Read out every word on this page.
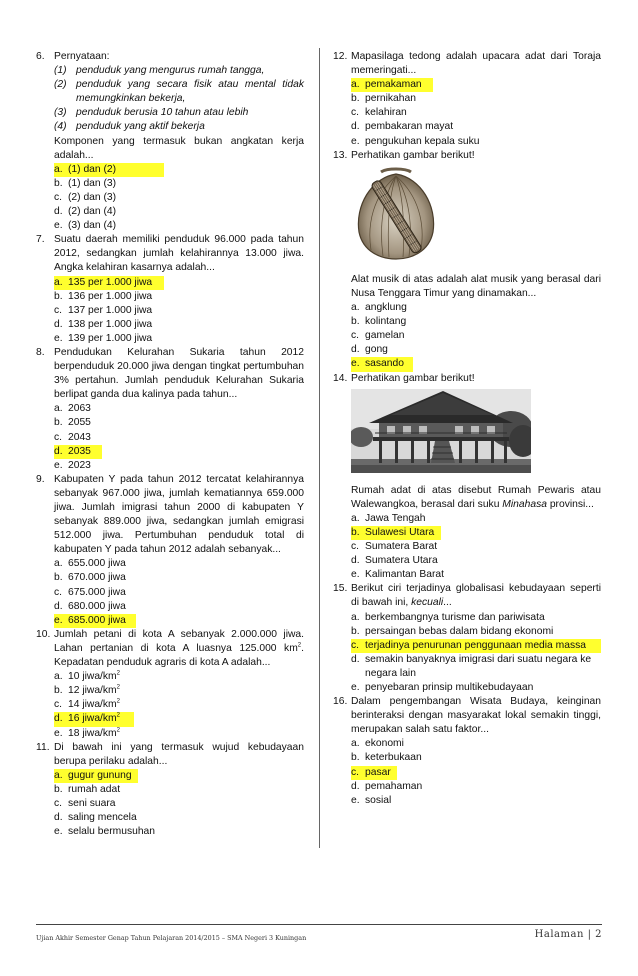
6. Pernyataan:
(1) penduduk yang mengurus rumah tangga,
(2) penduduk yang secara fisik atau mental tidak memungkinkan bekerja,
(3) penduduk berusia 10 tahun atau lebih
(4) penduduk yang aktif bekerja
Komponen yang termasuk bukan angkatan kerja adalah...
a. (1) dan (2)
b. (1) dan (3)
c. (2) dan (3)
d. (2) dan (4)
e. (3) dan (4)
7. Suatu daerah memiliki penduduk 96.000 pada tahun 2012, sedangkan jumlah kelahirannya 13.000 jiwa. Angka kelahiran kasarnya adalah...
a. 135 per 1.000 jiwa
b. 136 per 1.000 jiwa
c. 137 per 1.000 jiwa
d. 138 per 1.000 jiwa
e. 139 per 1.000 jiwa
8. Pendudukan Kelurahan Sukaria tahun 2012 berpenduduk 20.000 jiwa dengan tingkat pertumbuhan 3% pertahun. Jumlah penduduk Kelurahan Sukaria berlipat ganda dua kalinya pada tahun...
a. 2063
b. 2055
c. 2043
d. 2035
e. 2023
9. Kabupaten Y pada tahun 2012 tercatat kelahirannya sebanyak 967.000 jiwa, jumlah kematiannya 659.000 jiwa. Jumlah imigrasi tahun 2000 di kabupaten Y sebanyak 889.000 jiwa, sedangkan jumlah emigrasi 512.000 jiwa. Pertumbuhan penduduk total di kabupaten Y pada tahun 2012 adalah sebanyak...
a. 655.000 jiwa
b. 670.000 jiwa
c. 675.000 jiwa
d. 680.000 jiwa
e. 685.000 jiwa
10. Jumlah petani di kota A sebanyak 2.000.000 jiwa. Lahan pertanian di kota A luasnya 125.000 $km^2$. Kepadatan penduduk agraris di kota A adalah...
a. 10 jiwa/$km^2$
b. 12 jiwa/$km^2$
c. 14 jiwa/$km^2$
d. 16 jiwa/$km^2$
e. 18 jiwa/$km^2$
11. Di bawah ini yang termasuk wujud kebudayaan berupa perilaku adalah...
a. gugur gunung
b. rumah adat
c. seni suara
d. saling mencela
e. selalu bermusuhan
12. Mapasilaga tedong adalah upacara adat dari Toraja memeringati...
a. pemakaman
b. pernikahan
c. kelahiran
d. pembakaran mayat
e. pengukuhan kepala suku
13. Perhatikan gambar berikut!
Alat musik di atas adalah alat musik yang berasal dari Nusa Tenggara Timur yang dinamakan...
a. angklung
b. kolintang
c. gamelan
d. gong
e. sasando
14. Perhatikan gambar berikut!
Rumah adat di atas disebut Rumah Pewaris atau Walewangkoa, berasal dari suku Minahasa provinsi...
a. Jawa Tengah
b. Sulawesi Utara
c. Sumatera Barat
d. Sumatera Utara
e. Kalimantan Barat
15. Berikut ciri terjadinya globalisasi kebudayaan seperti di bawah ini, kecuali...
a. berkembangnya turisme dan pariwisata
b. persaingan bebas dalam bidang ekonomi
c. terjadinya penurunan penggunaan media massa
d. semakin banyaknya imigrasi dari suatu negara ke negara lain
e. penyebaran prinsip multikebudayaan
16. Dalam pengembangan Wisata Budaya, keinginan berinteraksi dengan masyarakat lokal semakin tinggi, merupakan salah satu faktor...
a. ekonomi
b. keterbukaan
c. pasar
d. pemahaman
e. sosial
Ujian Akhir Semester Genap Tahun Pelajaran 2014/2015 – SMA Negeri 3 Kuningan	Halaman | 2
